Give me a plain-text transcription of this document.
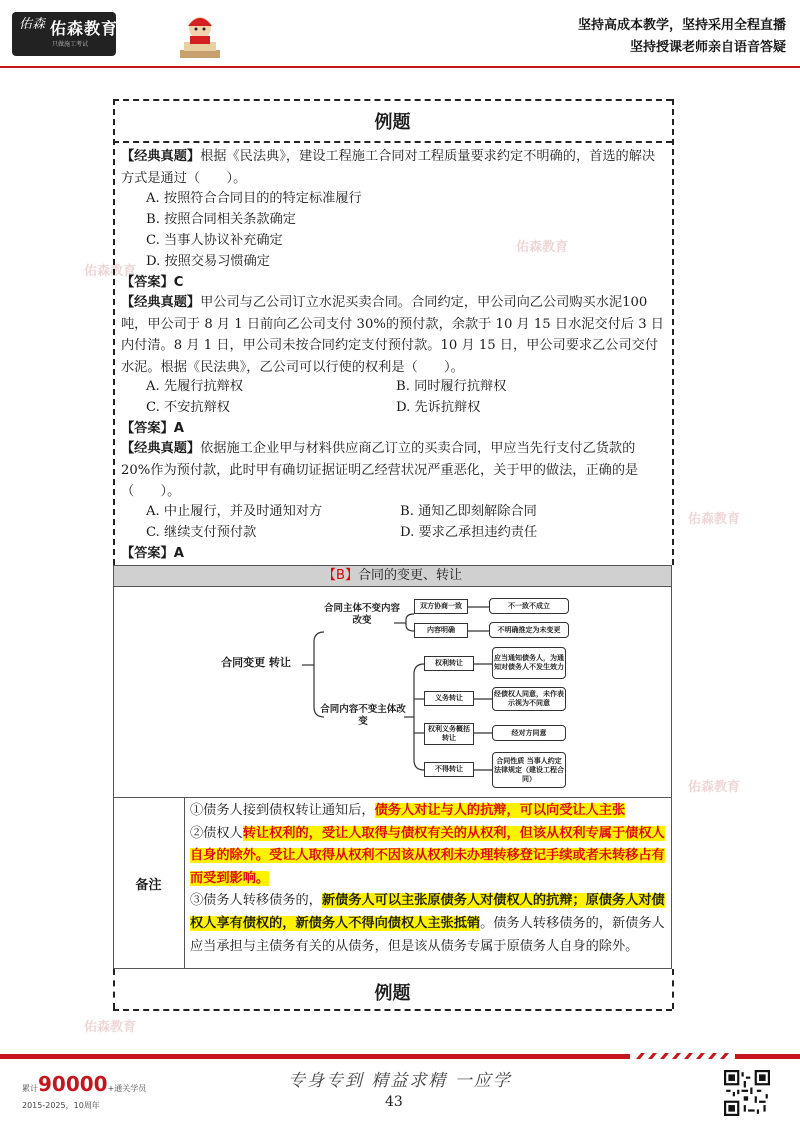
佑森 佑森教育
只做施工考试
坚持高成本教学，坚持采用全程直播
坚持授课老师亲自语音答疑
佑森教育
佑森教育
佑森教育
佑森教育
佑森教育
例题

【经典真题】根据《民法典》，建设工程施工合同对工程质量要求约定不明确的，首选的解决方式是通过（　　）。

A. 按照符合合同目的的特定标准履行
B. 按照合同相关条款确定
C. 当事人协议补充确定
D. 按照交易习惯确定
【答案】C

【经典真题】甲公司与乙公司订立水泥买卖合同。合同约定，甲公司向乙公司购买水泥100吨，甲公司于 8 月 1 日前向乙公司支付 30%的预付款，余款于 10 月 15 日水泥交付后 3 日内付清。8 月 1 日，甲公司未按合同约定支付预付款。10 月 15 日，甲公司要求乙公司交付水泥。根据《民法典》，乙公司可以行使的权利是（　　）。

A. 先履行抗辩权	B. 同时履行抗辩权
C. 不安抗辩权	D. 先诉抗辩权
【答案】A

【经典真题】依据施工企业甲与材料供应商乙订立的买卖合同，甲应当先行支付乙货款的 20%作为预付款，此时甲有确切证据证明乙经营状况严重恶化，关于甲的做法，正确的是（　　）。

A. 中止履行，并及时通知对方	B. 通知乙即刻解除合同
C. 继续支付预付款	D. 要求乙承担违约责任
【答案】A
【B】合同的变更、转让
合同变更 转让
合同主体不变内容改变
合同内容不变主体改变
双方协商一致	不一致不成立
内容明确	不明确推定为未变更
权利转让
应当通知债务人，为通知对债务人不发生效力
义务转让	经债权人同意，未作表示视为不同意
权利义务概括转让
经对方同意
不得转让
合同性质 当事人约定 法律规定（建设工程合同）
备注

①债务人接到债权转让通知后，债务人对让与人的抗辩，可以向受让人主张

②债权人转让权利的，受让人取得与债权有关的从权利，但该从权利专属于债权人自身的除外。受让人取得从权利不因该从权利未办理转移登记手续或者未转移占有而受到影响。

③债务人转移债务的，新债务人可以主张原债务人对债权人的抗辩；原债务人对债权人享有债权的，新债务人不得向债权人主张抵销。债务人转移债务的，新债务人应当承担与主债务有关的从债务，但是该从债务专属于原债务人自身的除外。

例题
累计90000+通关学员
2015-2025，10周年
专身专到 精益求精 一应学
43
